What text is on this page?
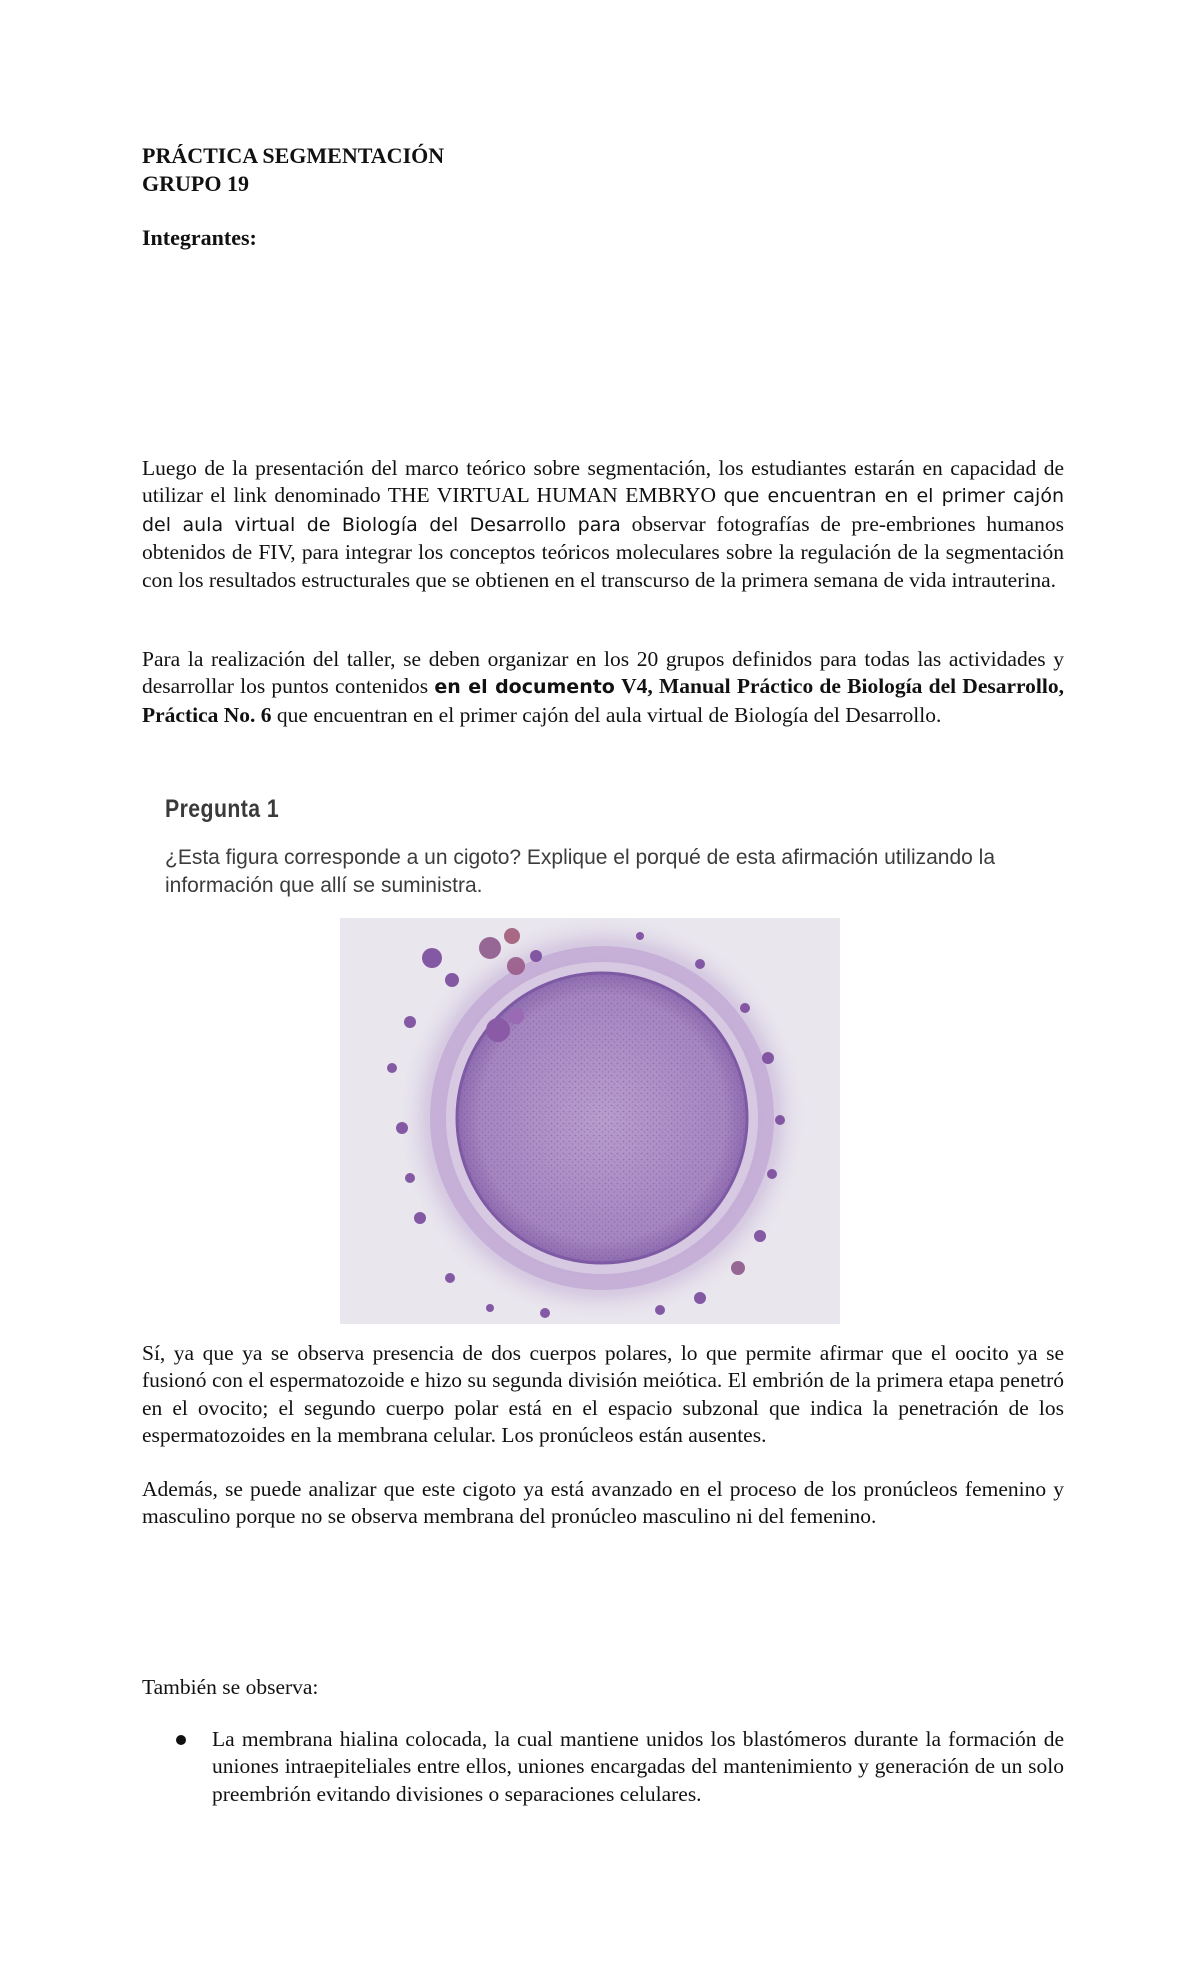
PRÁCTICA SEGMENTACIÓN
GRUPO 19
Integrantes:
Luego de la presentación del marco teórico sobre segmentación, los estudiantes estarán en capacidad de utilizar el link denominado THE VIRTUAL HUMAN EMBRYO que encuentran en el primer cajón del aula virtual de Biología del Desarrollo para observar fotografías de pre-embriones humanos obtenidos de FIV, para integrar los conceptos teóricos moleculares sobre la regulación de la segmentación con los resultados estructurales que se obtienen en el transcurso de la primera semana de vida intrauterina.
Para la realización del taller, se deben organizar en los 20 grupos definidos para todas las actividades y desarrollar los puntos contenidos en el documento V4, Manual Práctico de Biología del Desarrollo, Práctica No. 6 que encuentran en el primer cajón del aula virtual de Biología del Desarrollo.
Pregunta 1
¿Esta figura corresponde a un cigoto? Explique el porqué de esta afirmación utilizando la información que allí se suministra.
Sí, ya que ya se observa presencia de dos cuerpos polares, lo que permite afirmar que el oocito ya se fusionó con el espermatozoide e hizo su segunda división meiótica. El embrión de la primera etapa penetró en el ovocito; el segundo cuerpo polar está en el espacio subzonal que indica la penetración de los espermatozoides en la membrana celular. Los pronúcleos están ausentes.
Además, se puede analizar que este cigoto ya está avanzado en el proceso de los pronúcleos femenino y masculino porque no se observa membrana del pronúcleo masculino ni del femenino.
También se observa:
La membrana hialina colocada, la cual mantiene unidos los blastómeros durante la formación de uniones intraepiteliales entre ellos, uniones encargadas del mantenimiento y generación de un solo preembrión evitando divisiones o separaciones celulares.
